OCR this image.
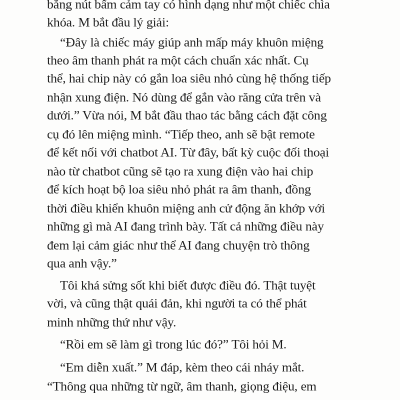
bằng nút bấm cảm tay có hình dạng như một chiếc chìa
khóa. M bắt đầu lý giải:
“Đây là chiếc máy giúp anh mấp máy khuôn miệng
theo âm thanh phát ra một cách chuẩn xác nhất. Cụ
thể, hai chip này có gắn loa siêu nhỏ cùng hệ thống tiếp
nhận xung điện. Nó dùng để gắn vào răng cửa trên và
dưới.” Vừa nói, M bắt đầu thao tác bằng cách đặt công
cụ đó lên miệng mình. “Tiếp theo, anh sẽ bật remote
để kết nối với chatbot AI. Từ đây, bất kỳ cuộc đối thoại
nào từ chatbot cũng sẽ tạo ra xung điện vào hai chip
để kích hoạt bộ loa siêu nhỏ phát ra âm thanh, đồng
thời điều khiển khuôn miệng anh cử động ăn khớp với
những gì mà AI đang trình bày. Tất cả những điều này
đem lại cảm giác như thể AI đang chuyện trò thông
qua anh vậy.”
Tôi khá sửng sốt khi biết được điều đó. Thật tuyệt
vời, và cũng thật quái đản, khi người ta có thể phát
minh những thứ như vậy.
“Rồi em sẽ làm gì trong lúc đó?” Tôi hỏi M.
“Em diễn xuất.” M đáp, kèm theo cái nháy mắt.
“Thông qua những từ ngữ, âm thanh, giọng điệu, em
